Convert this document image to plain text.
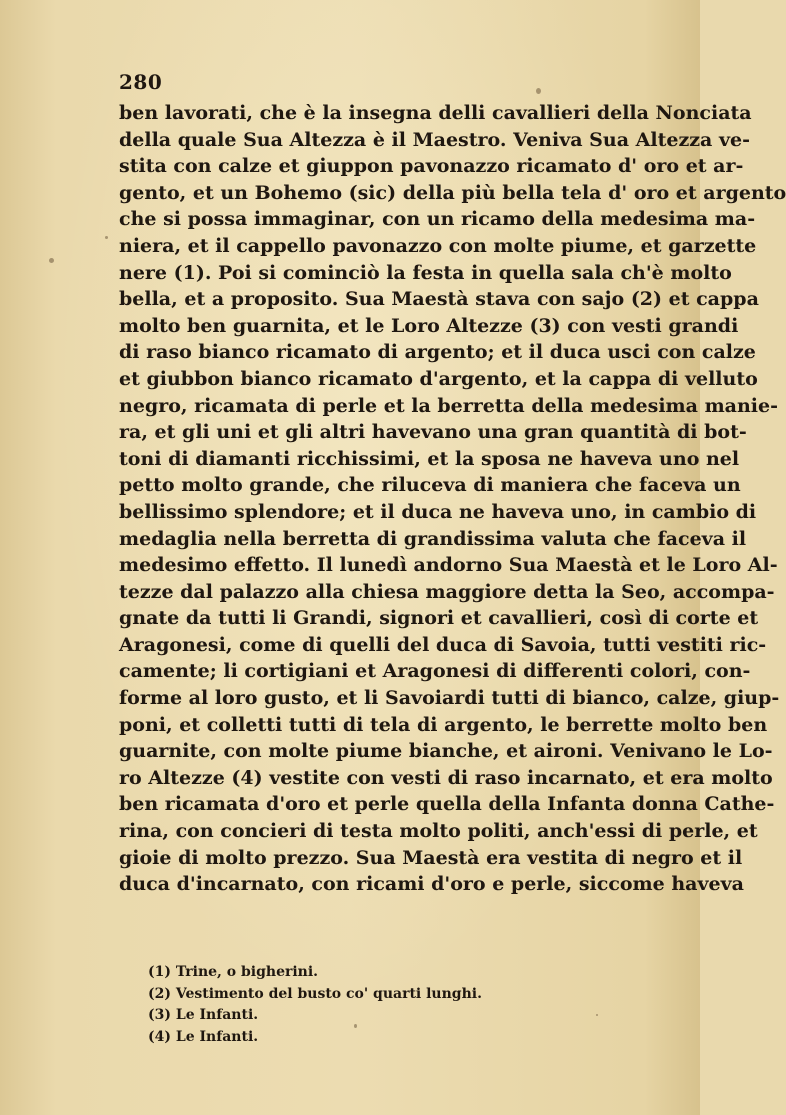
280
ben lavorati, che è la insegna delli cavallieri della Nonciata
della quale Sua Altezza è il Maestro. Veniva Sua Altezza ve-
stita con calze et giuppon pavonazzo ricamato d' oro et ar-
gento, et un Bohemo (sic) della più bella tela d' oro et argento
che si possa immaginar, con un ricamo della medesima ma-
niera, et il cappello pavonazzo con molte piume, et garzette
nere (1). Poi si cominciò la festa in quella sala ch'è molto
bella, et a proposito. Sua Maestà stava con sajo (2) et cappa
molto ben guarnita, et le Loro Altezze (3) con vesti grandi
di raso bianco ricamato di argento; et il duca usci con calze
et giubbon bianco ricamato d'argento, et la cappa di velluto
negro, ricamata di perle et la berretta della medesima manie-
ra, et gli uni et gli altri havevano una gran quantità di bot-
toni di diamanti ricchissimi, et la sposa ne haveva uno nel
petto molto grande, che riluceva di maniera che faceva un
bellissimo splendore; et il duca ne haveva uno, in cambio di
medaglia nella berretta di grandissima valuta che faceva il
medesimo effetto. Il lunedì andorno Sua Maestà et le Loro Al-
tezze dal palazzo alla chiesa maggiore detta la Seo, accompa-
gnate da tutti li Grandi, signori et cavallieri, così di corte et
Aragonesi, come di quelli del duca di Savoia, tutti vestiti ric-
camente; li cortigiani et Aragonesi di differenti colori, con-
forme al loro gusto, et li Savoiardi tutti di bianco, calze, giup-
poni, et colletti tutti di tela di argento, le berrette molto ben
guarnite, con molte piume bianche, et aironi. Venivano le Lo-
ro Altezze (4) vestite con vesti di raso incarnato, et era molto
ben ricamata d'oro et perle quella della Infanta donna Cathe-
rina, con concieri di testa molto politi, anch'essi di perle, et
gioie di molto prezzo. Sua Maestà era vestita di negro et il
duca d'incarnato, con ricami d'oro e perle, siccome haveva
(1) Trine, o bigherini.
(2) Vestimento del busto co' quarti lunghi.
(3) Le Infanti.
(4) Le Infanti.
